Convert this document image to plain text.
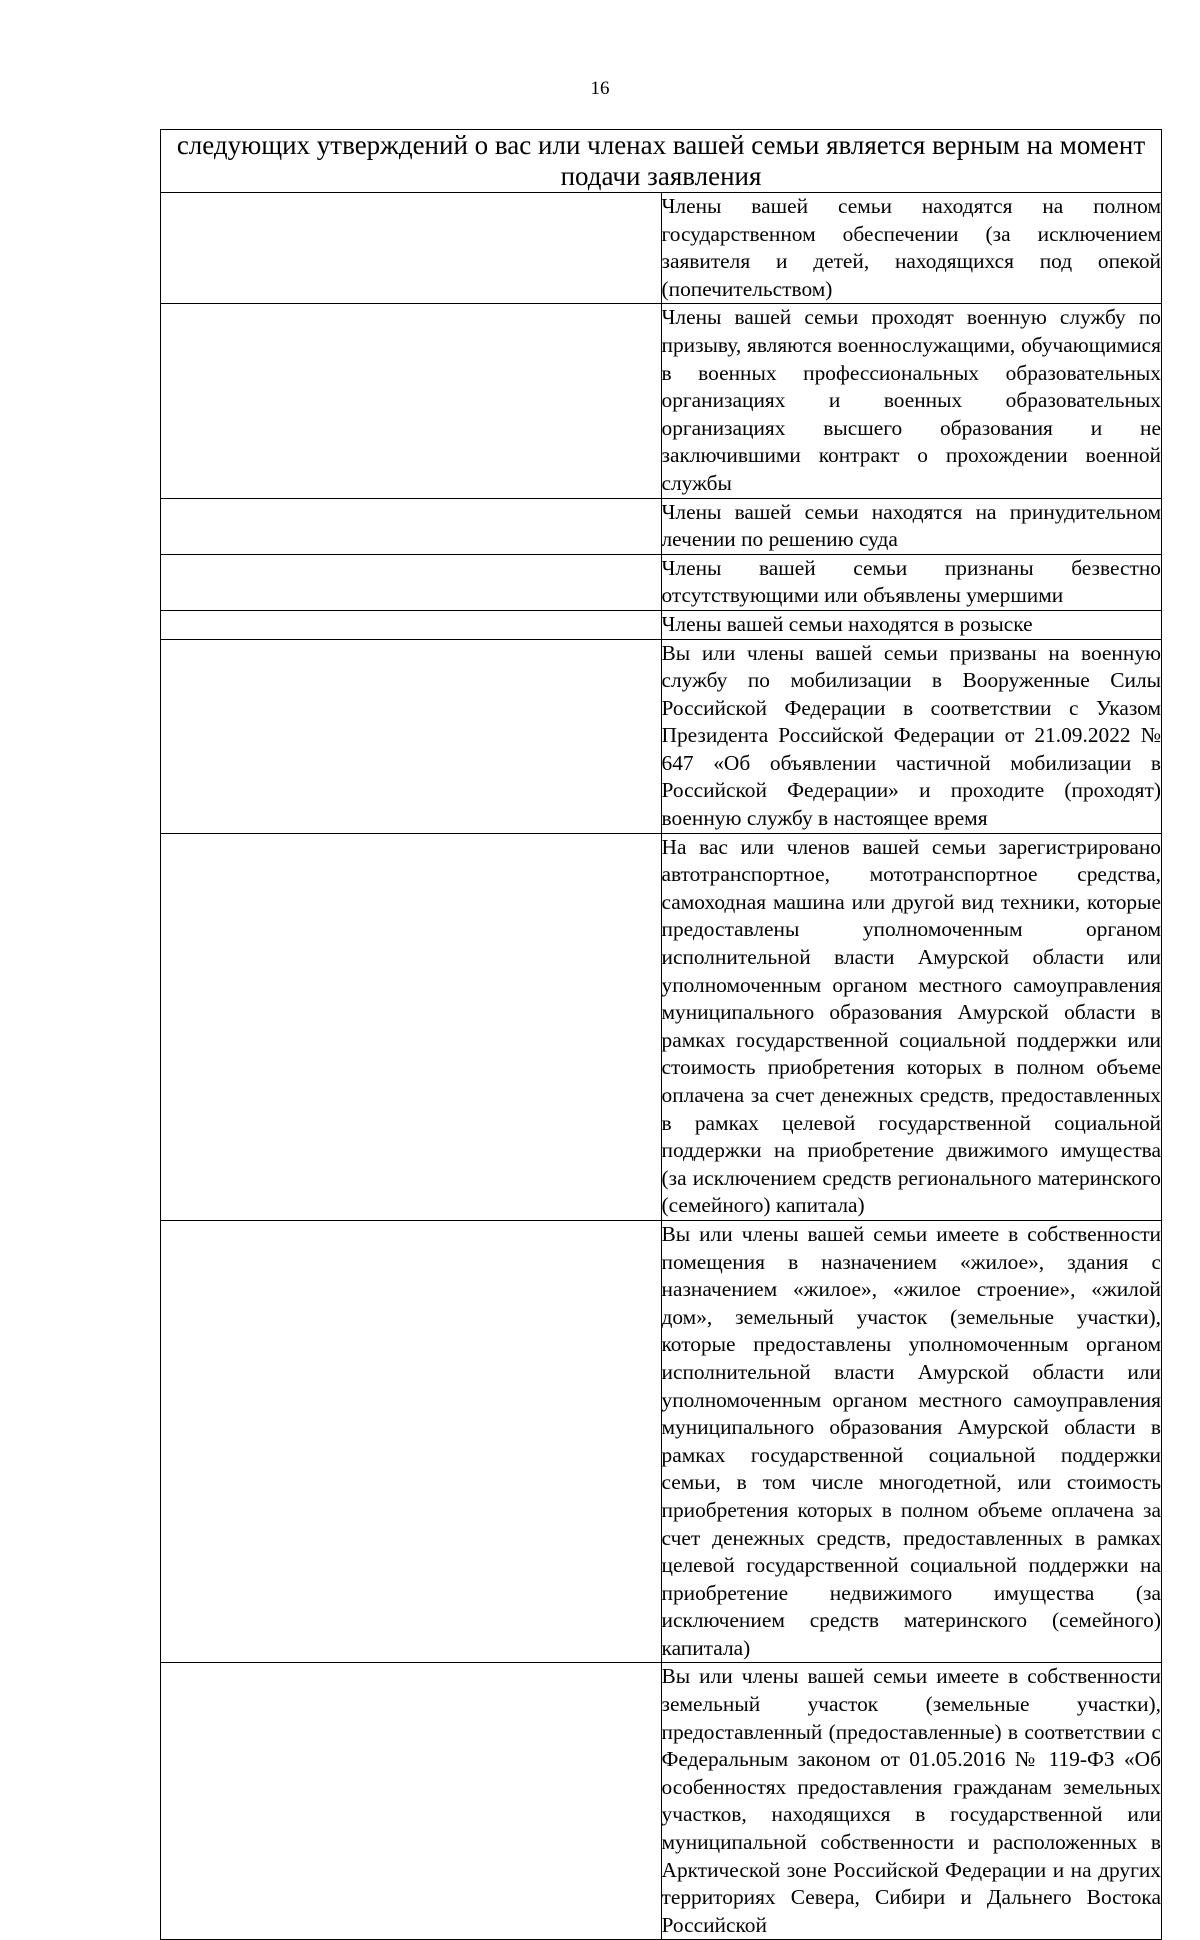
16
следующих утверждений о вас или членах вашей семьи является верным на момент подачи заявления	
	Члены вашей семьи находятся на полном государственном обеспечении (за исключением заявителя и детей, находящихся под опекой (попечительством)
	Члены вашей семьи проходят военную службу по призыву, являются военнослужащими, обучающимися в военных профессиональных образовательных организациях и военных образовательных организациях высшего образования и не заключившими контракт о прохождении военной службы
	Члены вашей семьи находятся на принудительном лечении по решению суда
	Члены вашей семьи признаны безвестно отсутствующими или объявлены умершими
	Члены вашей семьи находятся в розыске
	Вы или члены вашей семьи призваны на военную службу по мобилизации в Вооруженные Силы Российской Федерации в соответствии с Указом Президента Российской Федерации от 21.09.2022 № 647 «Об объявлении частичной мобилизации в Российской Федерации» и проходите (проходят) военную службу в настоящее время
	На вас или членов вашей семьи зарегистрировано автотранспортное, мототранспортное средства, самоходная машина или другой вид техники, которые предоставлены уполномоченным органом исполнительной власти Амурской области или уполномоченным органом местного самоуправления муниципального образования Амурской области в рамках государственной социальной поддержки или стоимость приобретения которых в полном объеме оплачена за счет денежных средств, предоставленных в рамках целевой государственной социальной поддержки на приобретение движимого имущества (за исключением средств регионального материнского (семейного) капитала)
	Вы или члены вашей семьи имеете в собственности помещения в назначением «жилое», здания с назначением «жилое», «жилое строение», «жилой дом», земельный участок (земельные участки), которые предоставлены уполномоченным органом исполнительной власти Амурской области или уполномоченным органом местного самоуправления муниципального образования Амурской области в рамках государственной социальной поддержки семьи, в том числе многодетной, или стоимость приобретения которых в полном объеме оплачена за счет денежных средств, предоставленных в рамках целевой государственной социальной поддержки на приобретение недвижимого имущества (за исключением средств материнского (семейного) капитала)
	Вы или члены вашей семьи имеете в собственности земельный участок (земельные участки), предоставленный (предоставленные) в соответствии с Федеральным законом от 01.05.2016 № 119-ФЗ «Об особенностях предоставления гражданам земельных участков, находящихся в государственной или муниципальной собственности и расположенных в Арктической зоне Российской Федерации и на других территориях Севера, Сибири и Дальнего Востока Российской
